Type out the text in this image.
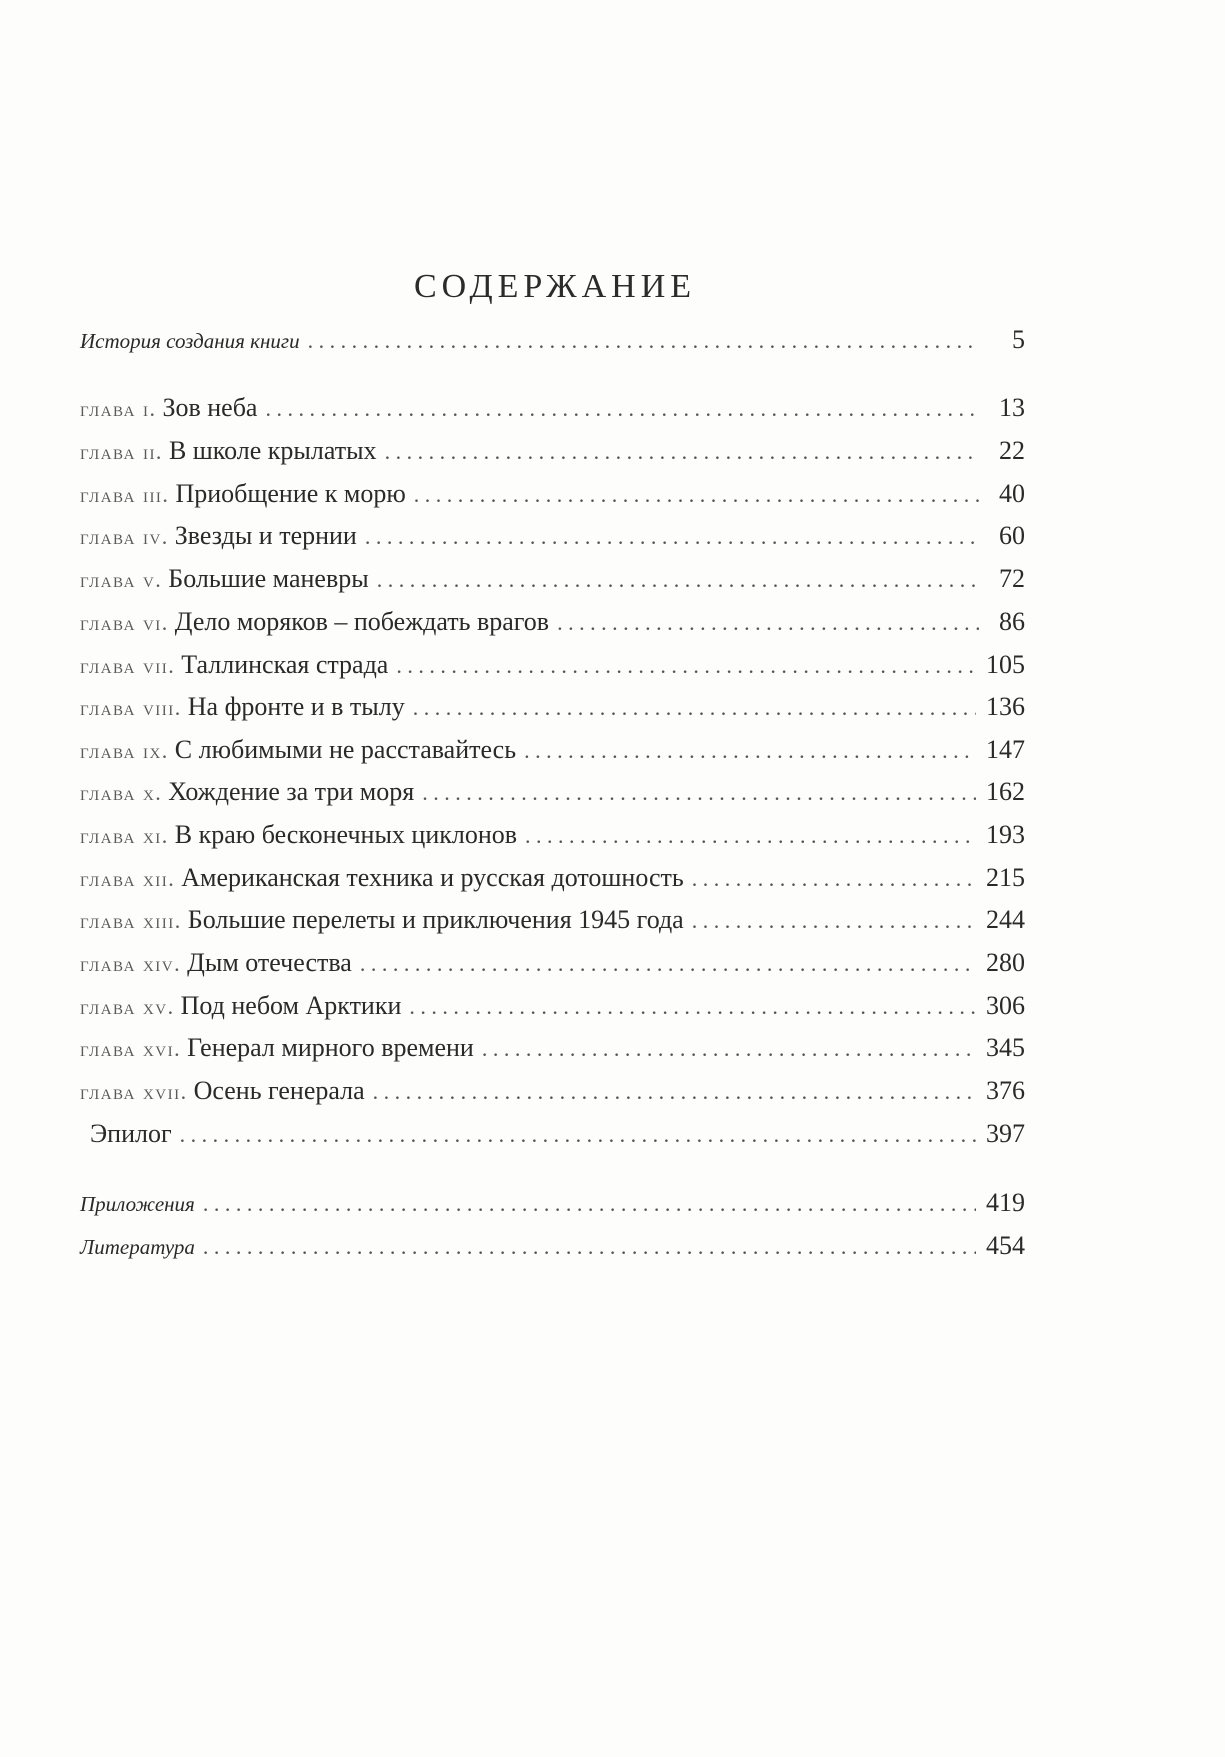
СОДЕРЖАНИЕ
История создания книги . . .	5
глава i. Зов неба . . .	13
глава ii. В школе крылатых . . .	22
глава iii. Приобщение к морю . . .	40
глава iv. Звезды и тернии . . .	60
глава v. Большие маневры . . .	72
глава vi. Дело моряков – побеждать врагов . . .	86
глава vii. Таллинская страда . . .	105
глава viii. На фронте и в тылу . . .	136
глава ix. С любимыми не расставайтесь . . .	147
глава x. Хождение за три моря . . .	162
глава xi. В краю бесконечных циклонов . . .	193
глава xii. Американская техника и русская дотошность . . .	215
глава xiii. Большие перелеты и приключения 1945 года . . .	244
глава xiv. Дым отечества . . .	280
глава xv. Под небом Арктики . . .	306
глава xvi. Генерал мирного времени . . .	345
глава xvii. Осень генерала . . .	376
Эпилог . . .	397
Приложения . . .	419
Литература . . .	454
